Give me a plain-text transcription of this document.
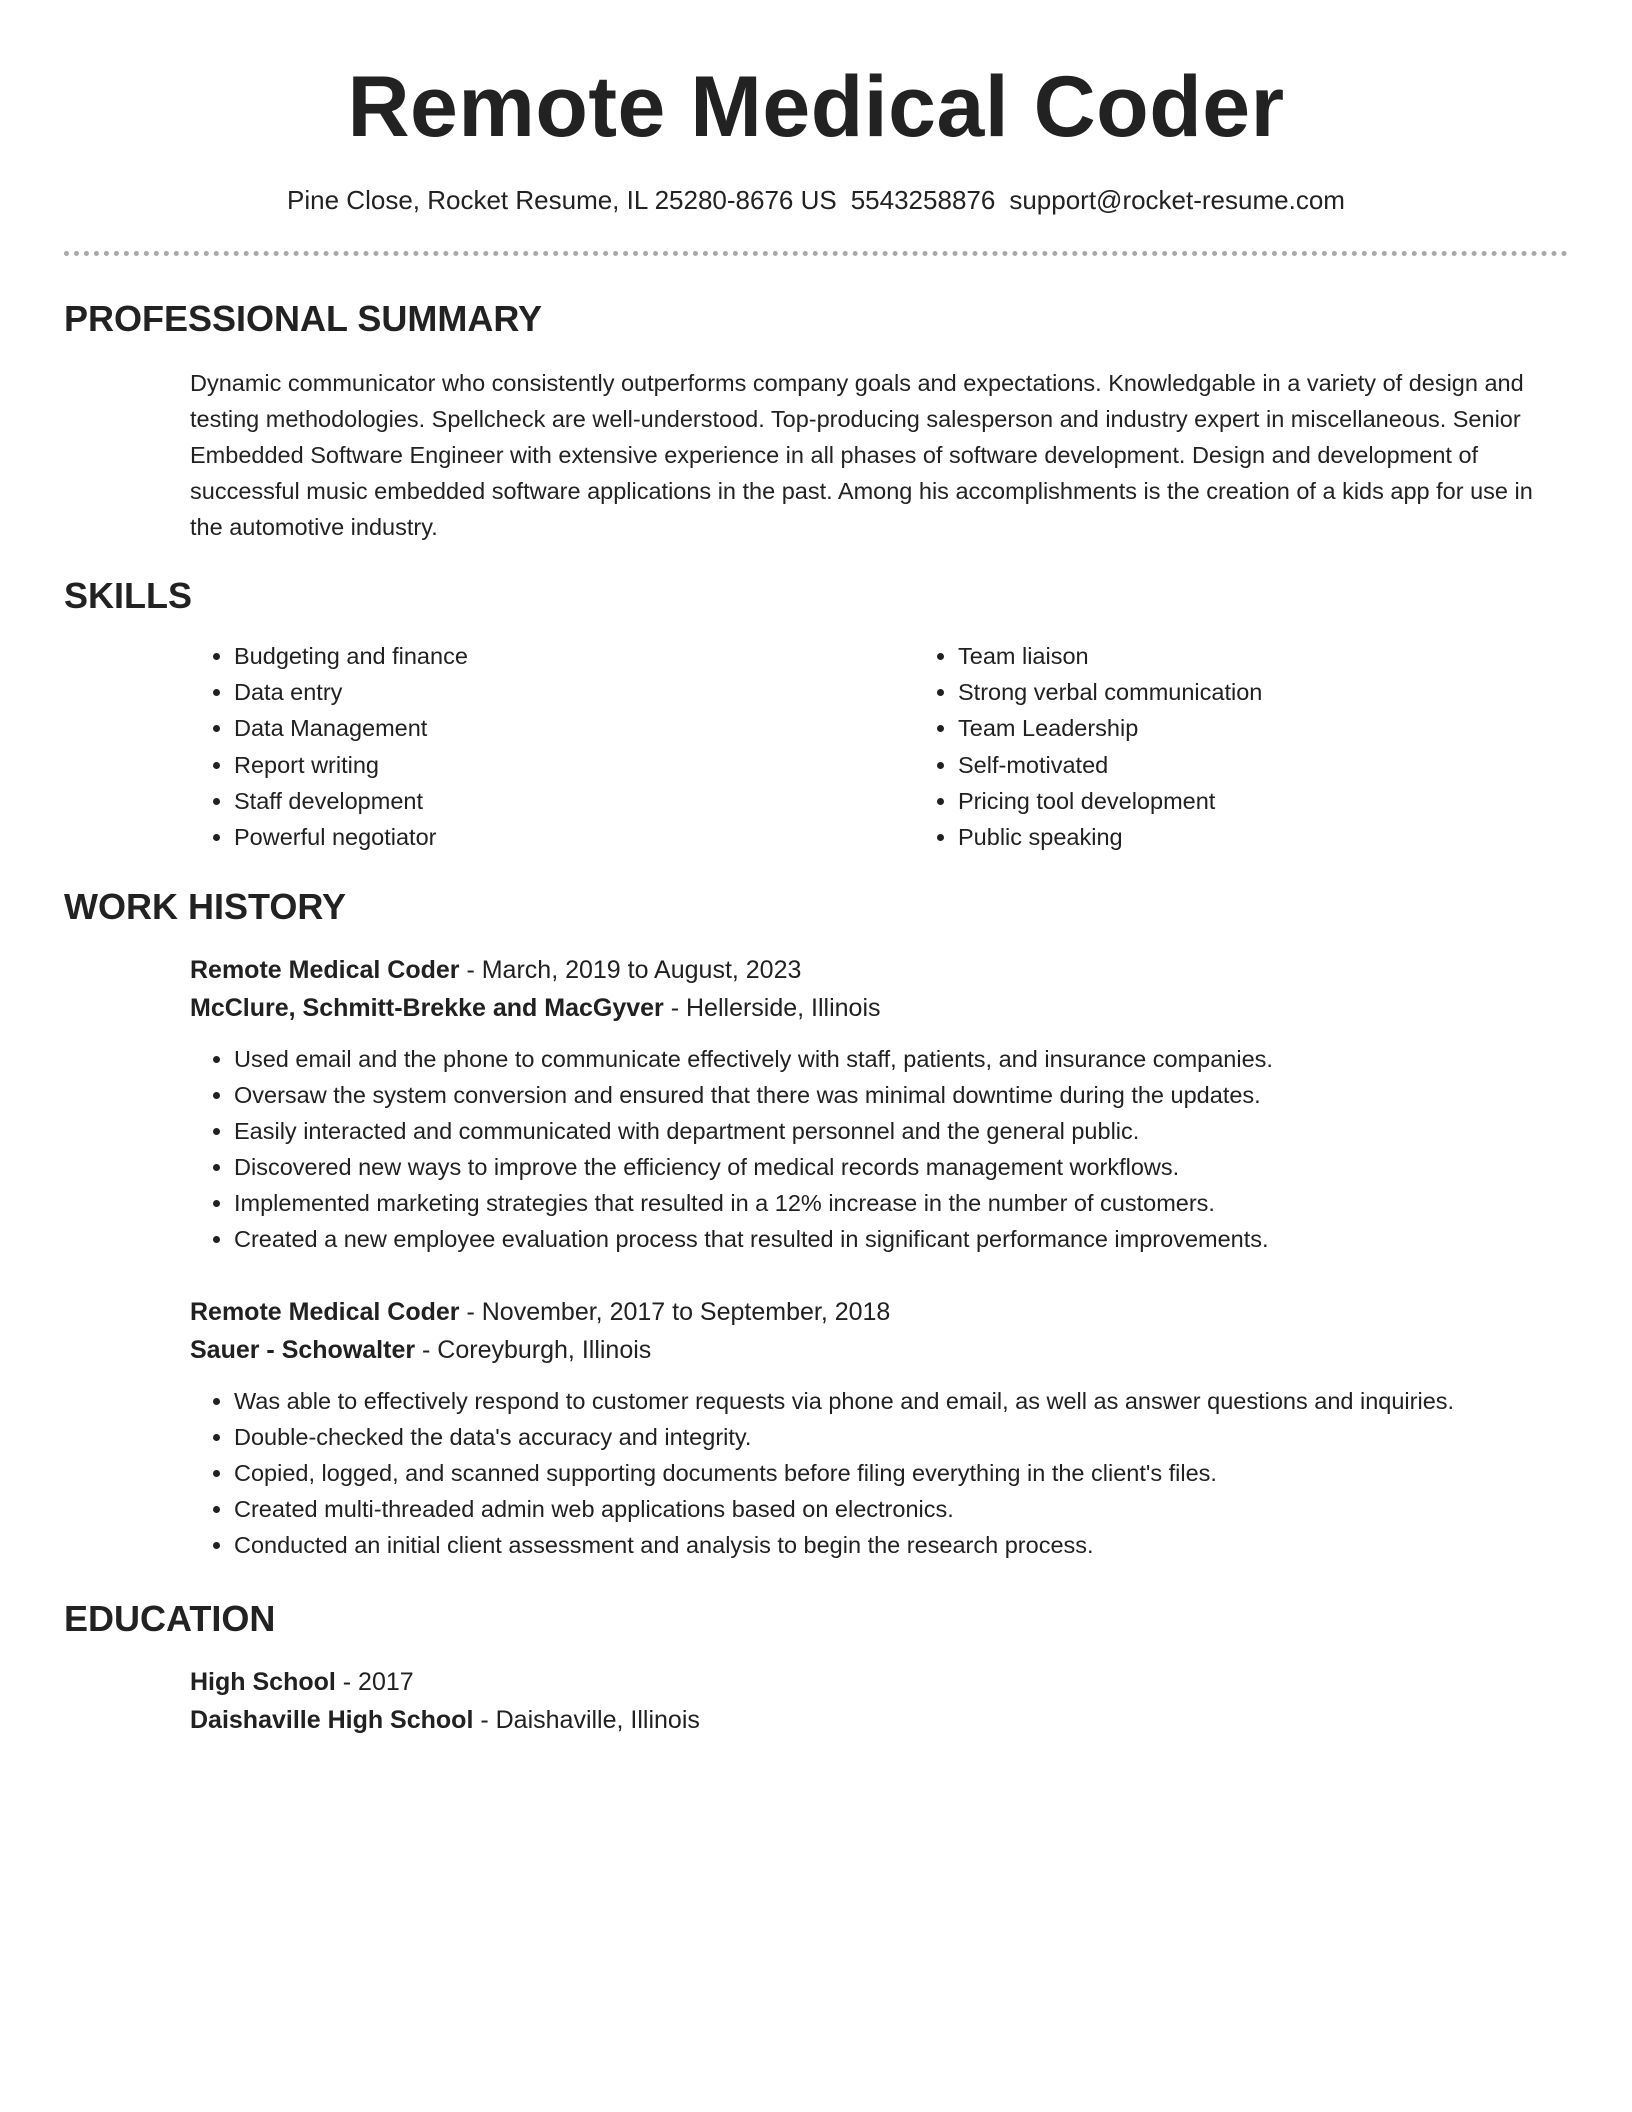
Remote Medical Coder
Pine Close, Rocket Resume, IL 25280-8676 US 5543258876 support@rocket-resume.com
PROFESSIONAL SUMMARY

Dynamic communicator who consistently outperforms company goals and expectations. Knowledgable in a variety of design and testing methodologies. Spellcheck are well-understood. Top-producing salesperson and industry expert in miscellaneous. Senior Embedded Software Engineer with extensive experience in all phases of software development. Design and development of successful music embedded software applications in the past. Among his accomplishments is the creation of a kids app for use in the automotive industry.

SKILLS
• Budgeting and finance
• Data entry
• Data Management
• Report writing
• Staff development
• Powerful negotiator
• Team liaison
• Strong verbal communication
• Team Leadership
• Self-motivated
• Pricing tool development
• Public speaking
WORK HISTORY
Remote Medical Coder - March, 2019 to August, 2023
McClure, Schmitt-Brekke and MacGyver - Hellerside, Illinois
• Used email and the phone to communicate effectively with staff, patients, and insurance companies.
• Oversaw the system conversion and ensured that there was minimal downtime during the updates.
• Easily interacted and communicated with department personnel and the general public.
• Discovered new ways to improve the efficiency of medical records management workflows.
• Implemented marketing strategies that resulted in a 12% increase in the number of customers.
• Created a new employee evaluation process that resulted in significant performance improvements.
Remote Medical Coder - November, 2017 to September, 2018
Sauer - Schowalter - Coreyburgh, Illinois
• Was able to effectively respond to customer requests via phone and email, as well as answer questions and inquiries.
• Double-checked the data's accuracy and integrity.
• Copied, logged, and scanned supporting documents before filing everything in the client's files.
• Created multi-threaded admin web applications based on electronics.
• Conducted an initial client assessment and analysis to begin the research process.
EDUCATION
High School - 2017
Daishaville High School - Daishaville, Illinois
